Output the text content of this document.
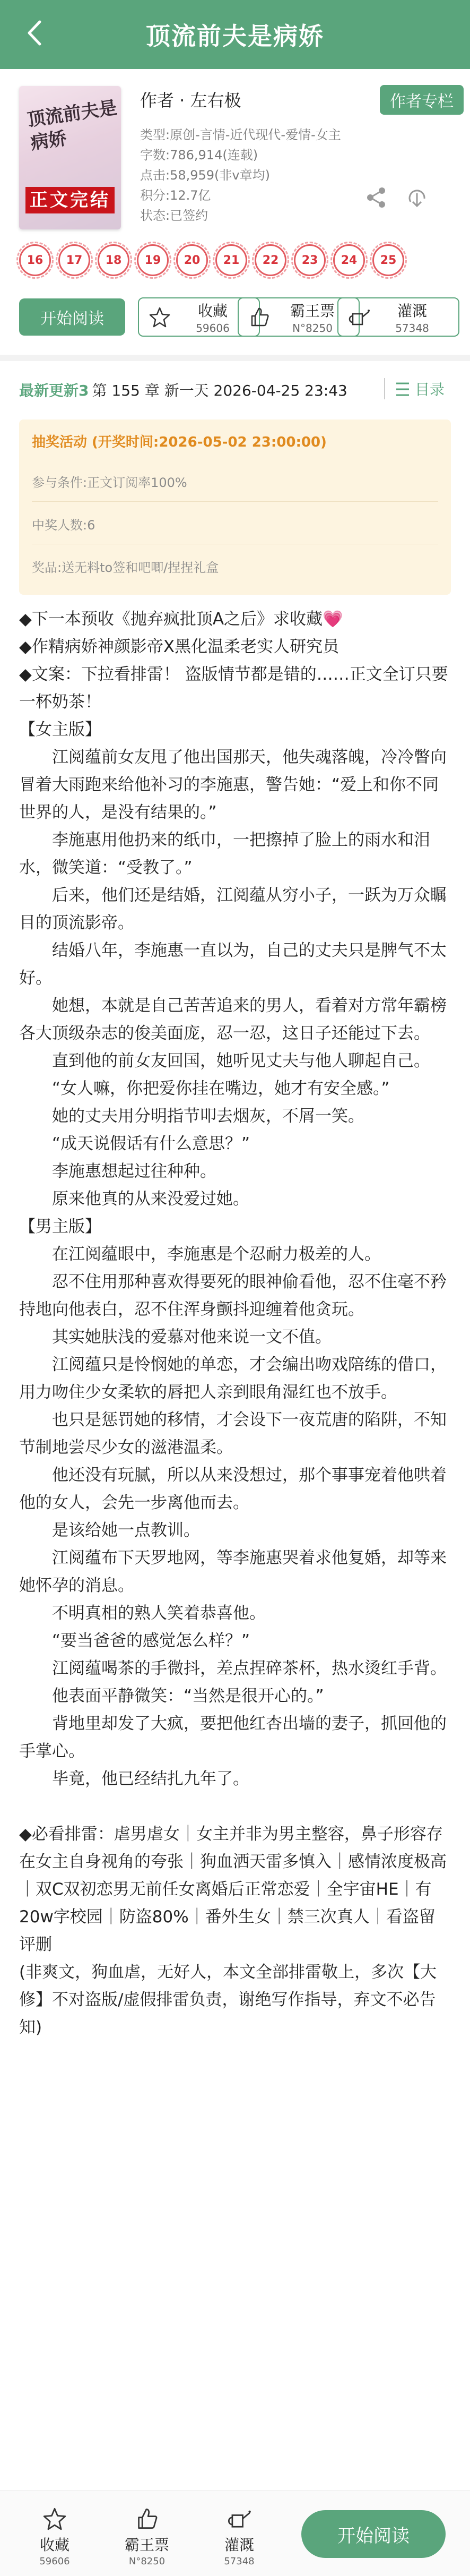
顶流前夫是病娇
顶流前夫是病娇
正文完结
作者 · 左右极	作者专栏
类型:原创-言情-近代现代-爱情-女主
字数:786,914(连载)
点击:58,959(非v章均)
积分:12.7亿
状态:已签约
16	17	18	19	20	21	22	23	24	25
开始阅读	收藏
59606
霸王票
N°8250
灌溉
57348
最新更新3 第 155 章 新一天 2026-04-25 23:43	目录
抽奖活动 (开奖时间:2026-05-02 23:00:00)
参与条件:正文订阅率100%
中奖人数:6
奖品:送无料to签和吧唧/捏捏礼盒

◆下一本预收《抛弃疯批顶A之后》求收藏💗

◆作精病娇神颜影帝X黑化温柔老实人研究员

◆文案：下拉看排雷！ 盗版情节都是错的……正文全订只要一杯奶茶！

【女主版】

江阅蕴前女友甩了他出国那天，他失魂落魄，冷冷瞥向冒着大雨跑来给他补习的李施惠，警告她：“爱上和你不同世界的人，是没有结果的。”

李施惠用他扔来的纸巾，一把擦掉了脸上的雨水和泪水，微笑道：“受教了。”

后来，他们还是结婚，江阅蕴从穷小子，一跃为万众瞩目的顶流影帝。

结婚八年，李施惠一直以为，自己的丈夫只是脾气不太好。

她想，本就是自己苦苦追来的男人，看着对方常年霸榜各大顶级杂志的俊美面庞，忍一忍，这日子还能过下去。

直到他的前女友回国，她听见丈夫与他人聊起自己。

“女人嘛，你把爱你挂在嘴边，她才有安全感。”

她的丈夫用分明指节叩去烟灰，不屑一笑。

“成天说假话有什么意思？”

李施惠想起过往种种。

原来他真的从来没爱过她。

【男主版】

在江阅蕴眼中，李施惠是个忍耐力极差的人。

忍不住用那种喜欢得要死的眼神偷看他，忍不住毫不矜持地向他表白，忍不住浑身颤抖迎缠着他贪玩。

其实她肤浅的爱慕对他来说一文不值。

江阅蕴只是怜悯她的单恋，才会编出吻戏陪练的借口，用力吻住少女柔软的唇把人亲到眼角湿红也不放手。

也只是惩罚她的移情，才会设下一夜荒唐的陷阱，不知节制地尝尽少女的滋港温柔。

他还没有玩腻，所以从来没想过，那个事事宠着他哄着他的女人，会先一步离他而去。

是该给她一点教训。

江阅蕴布下天罗地网，等李施惠哭着求他复婚，却等来她怀孕的消息。

不明真相的熟人笑着恭喜他。

“要当爸爸的感觉怎么样？”

江阅蕴喝茶的手微抖，差点捏碎茶杯，热水烫红手背。

他表面平静微笑：“当然是很开心的。”

背地里却发了大疯，要把他红杏出墙的妻子，抓回他的手掌心。

毕竟，他已经结扎九年了。

◆必看排雷：虐男虐女｜女主并非为男主整容，鼻子形容存在女主自身视角的夸张｜狗血洒天雷多慎入｜感情浓度极高｜双C双初恋男无前任女离婚后正常恋爱｜全宇宙HE｜有20w字校园｜防盗80%｜番外生女｜禁三次真人｜看盗留评删

(非爽文，狗血虐，无好人，本文全部排雷敬上，多次【大修】不对盗版/虚假排雷负责，谢绝写作指导，弃文不必告知)

收藏
59606
霸王票
N°8250
灌溉
57348
开始阅读
